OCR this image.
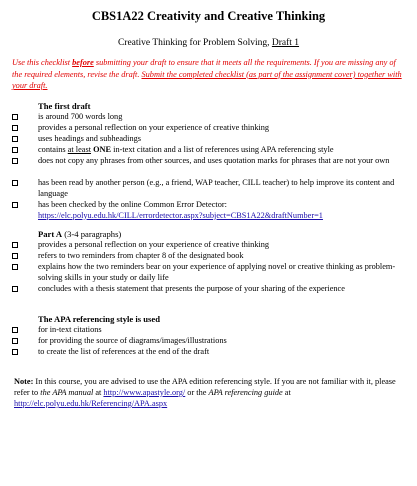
CBS1A22 Creativity and Creative Thinking
Creative Thinking for Problem Solving, Draft 1
Use this checklist before submitting your draft to ensure that it meets all the requirements. If you are missing any of the required elements, revise the draft. Submit the completed checklist (as part of the assignment cover) together with your draft.
The first draft
is around 700 words long
provides a personal reflection on your experience of creative thinking
uses headings and subheadings
contains at least ONE in-text citation and a list of references using APA referencing style
does not copy any phrases from other sources, and uses quotation marks for phrases that are not your own
has been read by another person (e.g., a friend, WAP teacher, CILL teacher) to help improve its content and language
has been checked by the online Common Error Detector:
https://elc.polyu.edu.hk/CILL/errordetector.aspx?subject=CBS1A22&draftNumber=1
Part A (3-4 paragraphs)
provides a personal reflection on your experience of creative thinking
refers to two reminders from chapter 8 of the designated book
explains how the two reminders bear on your experience of applying novel or creative thinking as problem-solving skills in your study or daily life
concludes with a thesis statement that presents the purpose of your sharing of the experience
The APA referencing style is used
for in-text citations
for providing the source of diagrams/images/illustrations
to create the list of references at the end of the draft
Note: In this course, you are advised to use the APA edition referencing style. If you are not familiar with it, please refer to the APA manual at http://www.apastyle.org/ or the APA referencing guide at http://elc.polyu.edu.hk/Referencing/APA.aspx
